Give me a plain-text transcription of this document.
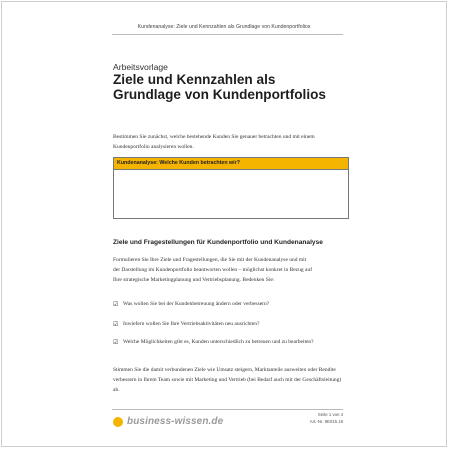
Kundenanalyse: Ziele und Kennzahlen als Grundlage von Kundenportfolios
Arbeitsvorlage
Ziele und Kennzahlen als Grundlage von Kundenportfolios
Bestimmen Sie zunächst, welche bestehende Kunden Sie genauer betrachten und mit einem Kundenportfolio analysieren wollen.
Kundenanalyse: Welche Kunden betrachten wir?
Ziele und Fragestellungen für Kundenportfolio und Kundenanalyse
Formulieren Sie Ihre Ziele und Fragestellungen, die Sie mit der Kundenanalyse und mit der Darstellung im Kundenportfolio beantworten wollen – möglichst konkret in Bezug auf Ihre strategische Marketingplanung und Vertriebsplanung. Bedenken Sie:
☑ Was wollen Sie bei der Kundenbetreuung ändern oder verbessern?
☑ Inwiefern wollen Sie Ihre Vertriebsaktivitäten neu ausrichten?
☑ Welche Möglichkeiten gibt es, Kunden unterschiedlich zu betreuen und zu bearbeiten?
Stimmen Sie die damit verbundenen Ziele wie Umsatz steigern, Marktanteile ausweiten oder Rendite verbessern in Ihrem Team sowie mit Marketing und Vertrieb (bei Bedarf auch mit der Geschäftsleitung) ab.
business-wissen.de
Seite 1 von 4
Art.-Nr. 9E015.19
